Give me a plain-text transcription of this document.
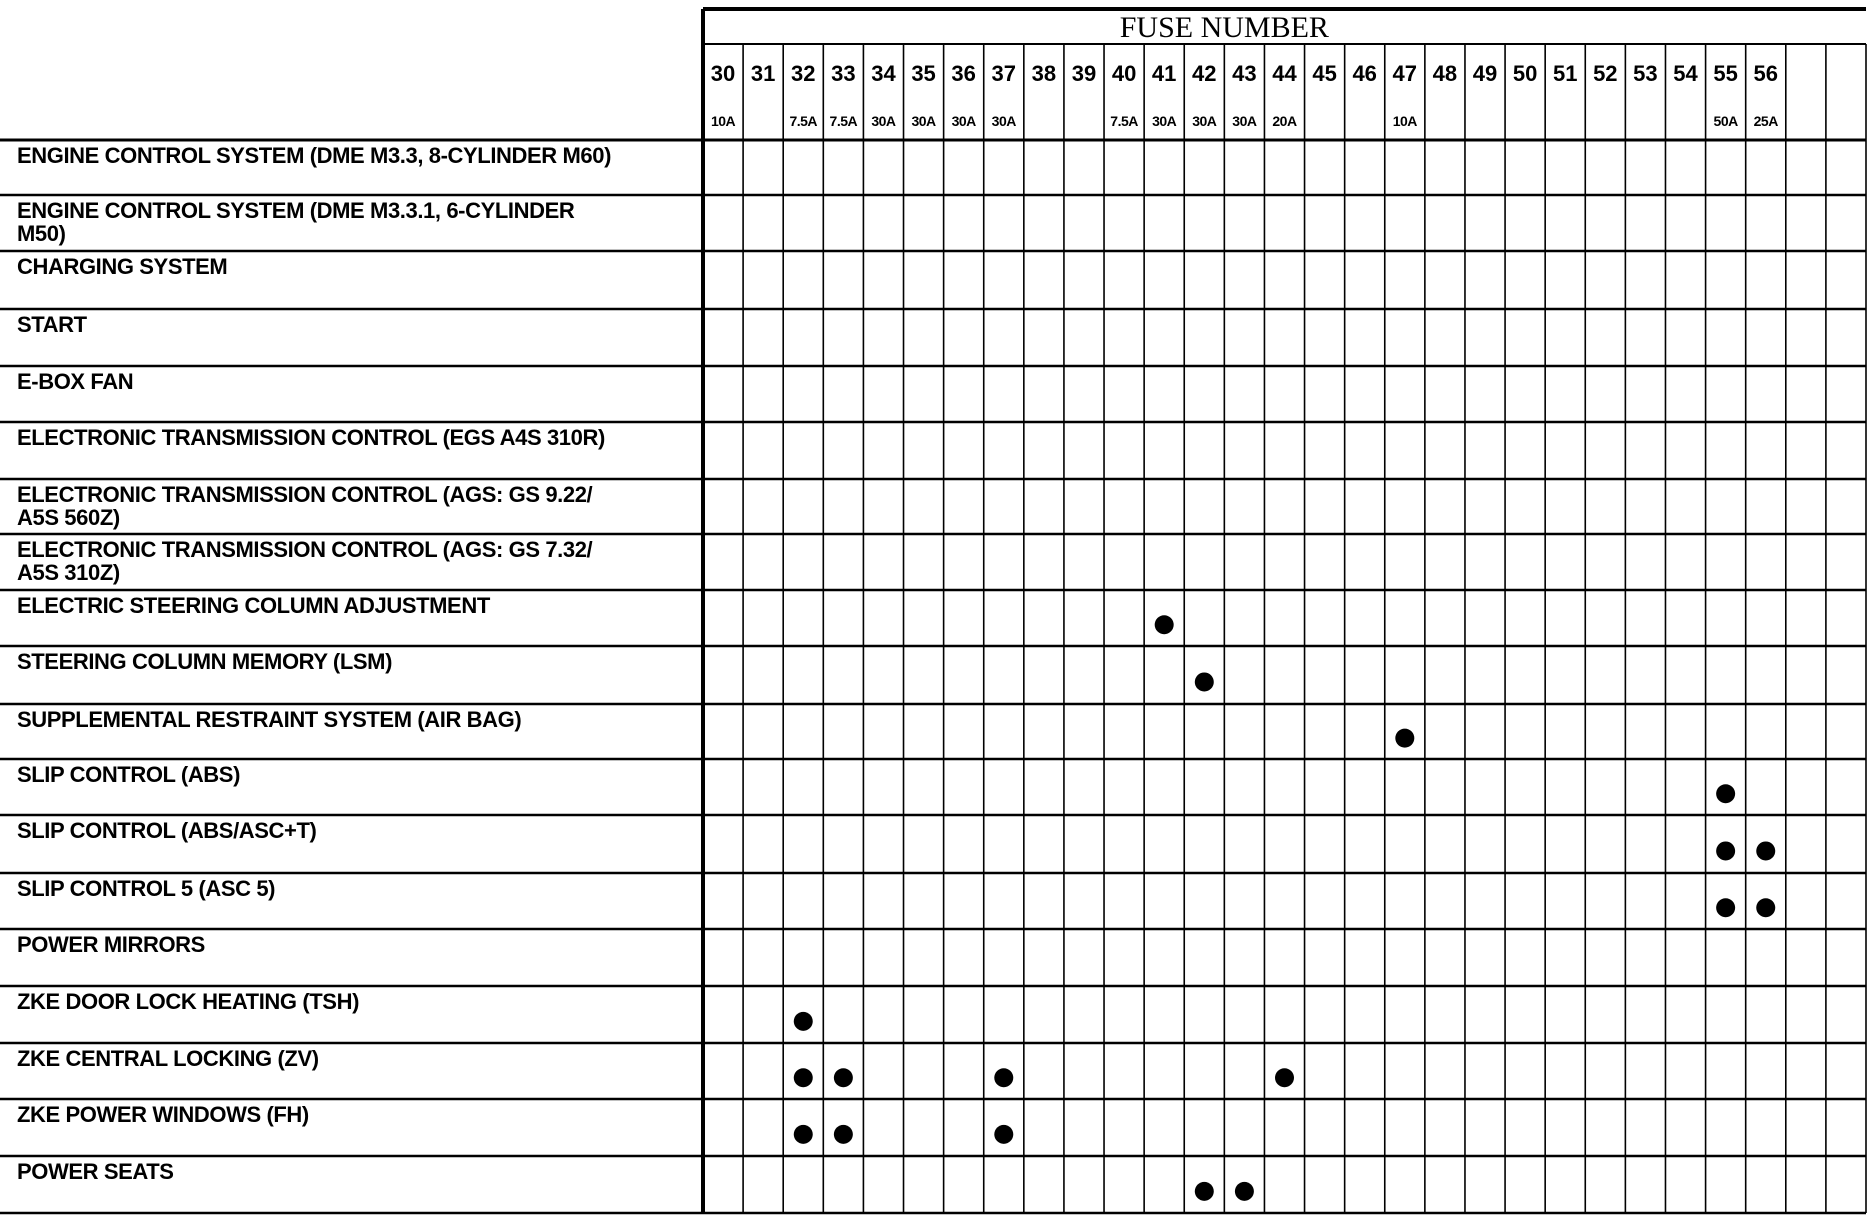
FUSE NUMBER
30
10A
31 32
7.5A
33
7.5A
34
30A
35
30A
36
30A
37
30A
38 39 40
7.5A
41
30A
42
30A
43
30A
44
20A
45 46 47
10A
48 49 50 51 52 53 54 55
50A
56
25A
ENGINE CONTROL SYSTEM (DME M3.3, 8-CYLINDER M60)
ENGINE CONTROL SYSTEM (DME M3.3.1, 6-CYLINDER M50)
CHARGING SYSTEM
START
E-BOX FAN
ELECTRONIC TRANSMISSION CONTROL (EGS A4S 310R)
ELECTRONIC TRANSMISSION CONTROL (AGS: GS 9.22/ A5S 560Z)
ELECTRONIC TRANSMISSION CONTROL (AGS: GS 7.32/ A5S 310Z)
ELECTRIC STEERING COLUMN ADJUSTMENT
STEERING COLUMN MEMORY (LSM)
SUPPLEMENTAL RESTRAINT SYSTEM (AIR BAG)
SLIP CONTROL (ABS)
SLIP CONTROL (ABS/ASC+T)
SLIP CONTROL 5 (ASC 5)
POWER MIRRORS
ZKE DOOR LOCK HEATING (TSH)
ZKE CENTRAL LOCKING (ZV)
ZKE POWER WINDOWS (FH)
POWER SEATS
